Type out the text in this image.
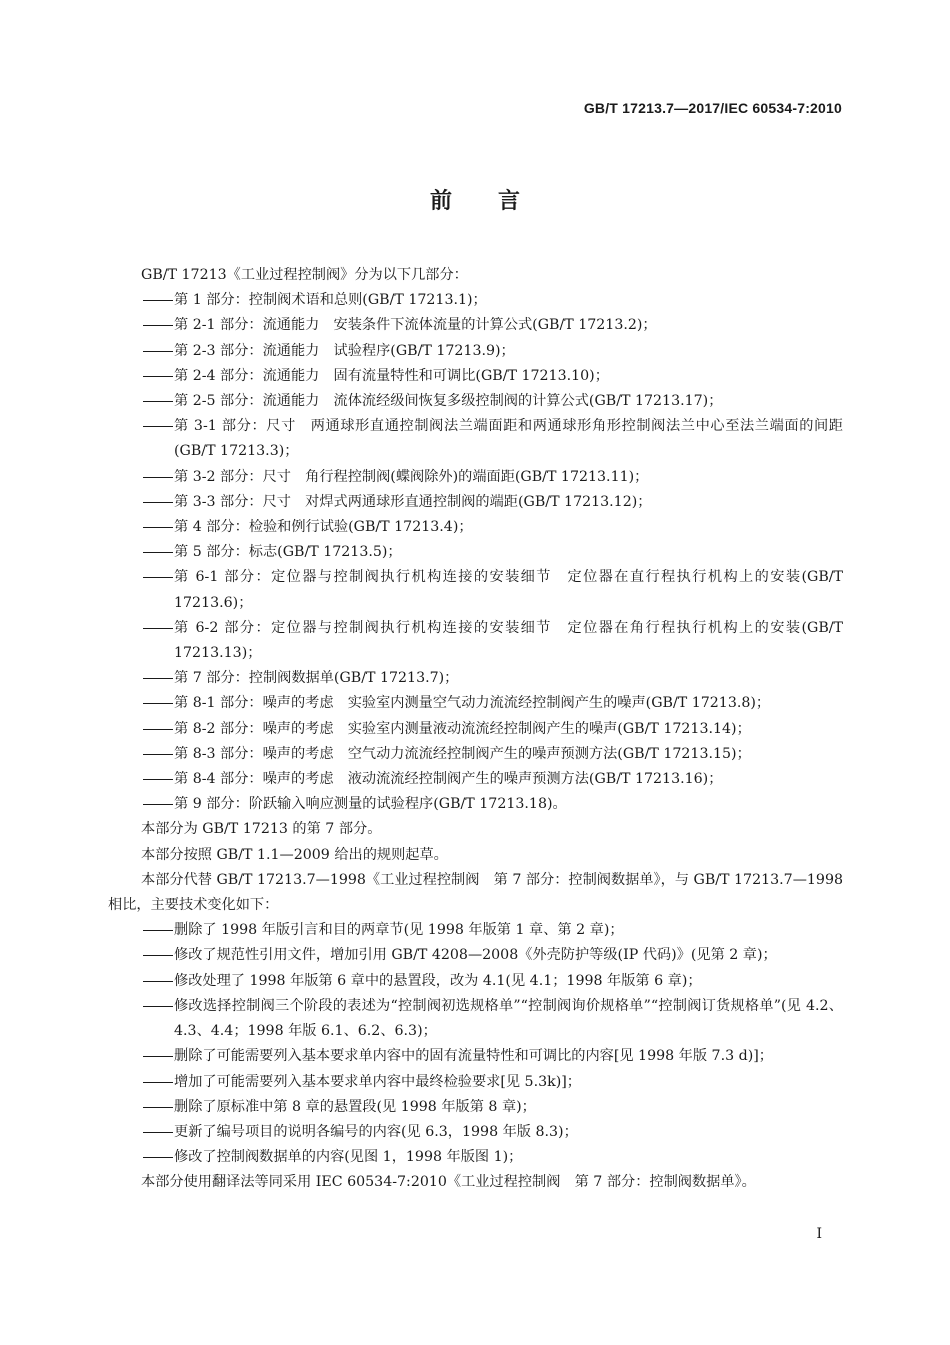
GB/T 17213.7—2017/IEC 60534-7:2010
前言

GB/T 17213《工业过程控制阀》分为以下几部分：

第 1 部分：控制阀术语和总则(GB/T 17213.1)；
第 2-1 部分：流通能力　安装条件下流体流量的计算公式(GB/T 17213.2)；
第 2-3 部分：流通能力　试验程序(GB/T 17213.9)；
第 2-4 部分：流通能力　固有流量特性和可调比(GB/T 17213.10)；
第 2-5 部分：流通能力　流体流经级间恢复多级控制阀的计算公式(GB/T 17213.17)；
第 3-1 部分：尺寸　两通球形直通控制阀法兰端面距和两通球形角形控制阀法兰中心至法兰端面的间距(GB/T 17213.3)；
第 3-2 部分：尺寸　角行程控制阀(蝶阀除外)的端面距(GB/T 17213.11)；
第 3-3 部分：尺寸　对焊式两通球形直通控制阀的端距(GB/T 17213.12)；
第 4 部分：检验和例行试验(GB/T 17213.4)；
第 5 部分：标志(GB/T 17213.5)；
第 6-1 部分：定位器与控制阀执行机构连接的安装细节　定位器在直行程执行机构上的安装(GB/T 17213.6)；
第 6-2 部分：定位器与控制阀执行机构连接的安装细节　定位器在角行程执行机构上的安装(GB/T 17213.13)；
第 7 部分：控制阀数据单(GB/T 17213.7)；
第 8-1 部分：噪声的考虑　实验室内测量空气动力流流经控制阀产生的噪声(GB/T 17213.8)；
第 8-2 部分：噪声的考虑　实验室内测量液动流流经控制阀产生的噪声(GB/T 17213.14)；
第 8-3 部分：噪声的考虑　空气动力流流经控制阀产生的噪声预测方法(GB/T 17213.15)；
第 8-4 部分：噪声的考虑　液动流流经控制阀产生的噪声预测方法(GB/T 17213.16)；
第 9 部分：阶跃输入响应测量的试验程序(GB/T 17213.18)。

本部分为 GB/T 17213 的第 7 部分。

本部分按照 GB/T 1.1—2009 给出的规则起草。

本部分代替 GB/T 17213.7—1998《工业过程控制阀　第 7 部分：控制阀数据单》，与 GB/T 17213.7—1998 相比，主要技术变化如下：

删除了 1998 年版引言和目的两章节(见 1998 年版第 1 章、第 2 章)；
修改了规范性引用文件，增加引用 GB/T 4208—2008《外壳防护等级(IP 代码)》(见第 2 章)；
修改处理了 1998 年版第 6 章中的悬置段，改为 4.1(见 4.1；1998 年版第 6 章)；
修改选择控制阀三个阶段的表述为“控制阀初选规格单”“控制阀询价规格单”“控制阀订货规格单”(见 4.2、4.3、4.4；1998 年版 6.1、6.2、6.3)；
删除了可能需要列入基本要求单内容中的固有流量特性和可调比的内容[见 1998 年版 7.3 d)]；
增加了可能需要列入基本要求单内容中最终检验要求[见 5.3k)]；
删除了原标准中第 8 章的悬置段(见 1998 年版第 8 章)；
更新了编号项目的说明各编号的内容(见 6.3，1998 年版 8.3)；
修改了控制阀数据单的内容(见图 1，1998 年版图 1)；

本部分使用翻译法等同采用 IEC 60534-7:2010《工业过程控制阀　第 7 部分：控制阀数据单》。

I
